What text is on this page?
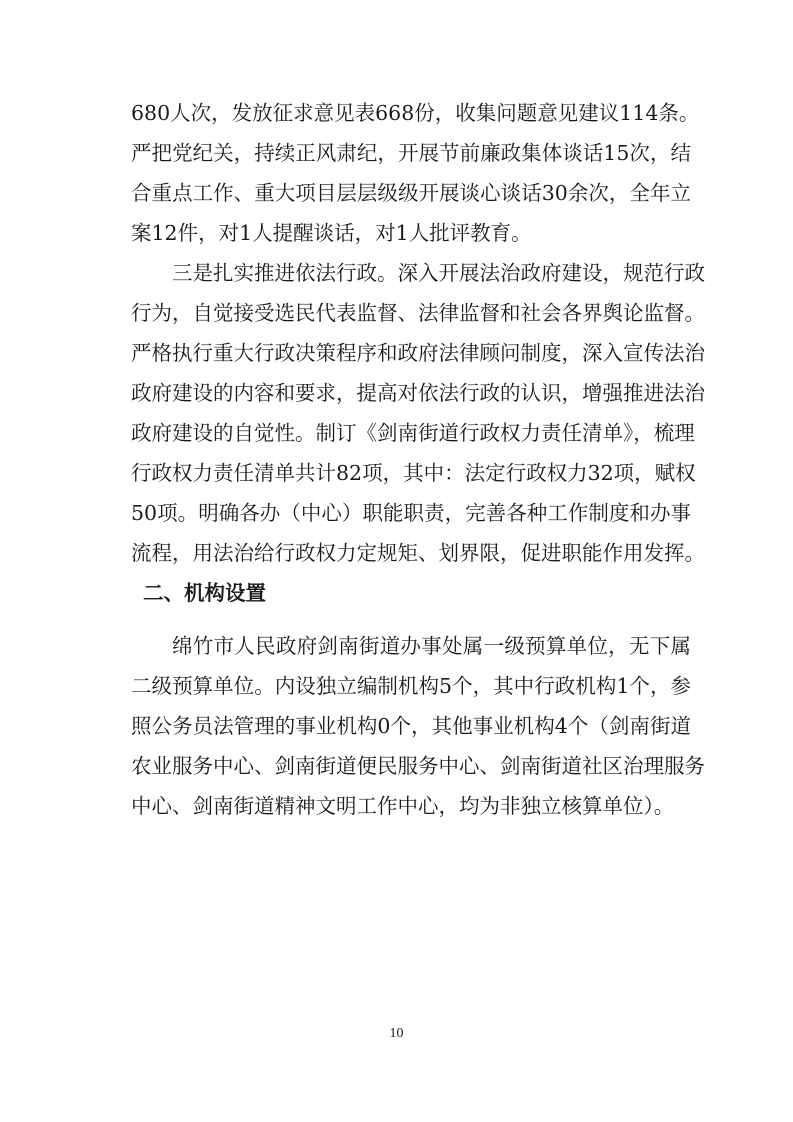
680人次，发放征求意见表668份，收集问题意见建议114条。
严把党纪关，持续正风肃纪，开展节前廉政集体谈话15次，结
合重点工作、重大项目层层级级开展谈心谈话30余次，全年立
案12件，对1人提醒谈话，对1人批评教育。
三是扎实推进依法行政。深入开展法治政府建设，规范行政
行为，自觉接受选民代表监督、法律监督和社会各界舆论监督。
严格执行重大行政决策程序和政府法律顾问制度，深入宣传法治
政府建设的内容和要求，提高对依法行政的认识，增强推进法治
政府建设的自觉性。制订《剑南街道行政权力责任清单》，梳理
行政权力责任清单共计82项，其中：法定行政权力32项，赋权
50项。明确各办（中心）职能职责，完善各种工作制度和办事
流程，用法治给行政权力定规矩、划界限，促进职能作用发挥。
二、机构设置
绵竹市人民政府剑南街道办事处属一级预算单位，无下属
二级预算单位。内设独立编制机构5个，其中行政机构1个，参
照公务员法管理的事业机构0个，其他事业机构4个（剑南街道
农业服务中心、剑南街道便民服务中心、剑南街道社区治理服务
中心、剑南街道精神文明工作中心，均为非独立核算单位）。
10
